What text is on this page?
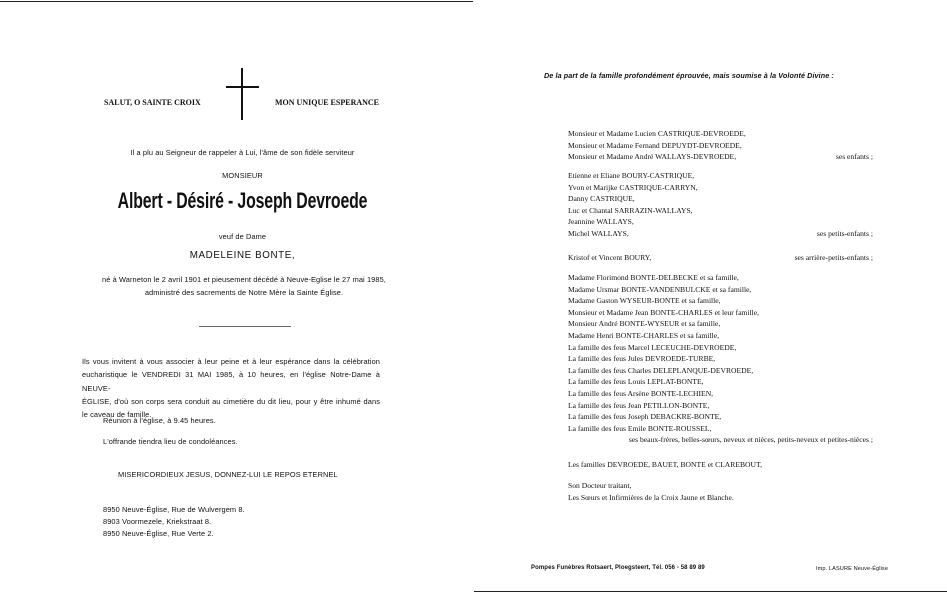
SALUT, O SAINTE CROIX	MON UNIQUE ESPERANCE
Il a plu au Seigneur de rappeler à Lui, l'âme de son fidèle serviteur
MONSIEUR
Albert - Désiré - Joseph Devroede
veuf de Dame
MADELEINE BONTE,
né à Warneton le 2 avril 1901 et pieusement décédé à Neuve-Eglise le 27 mai 1985,
administré des sacrements de Notre Mère la Sainte Église.
Ils vous invitent à vous associer à leur peine et à leur espérance dans la célébration
eucharistique le VENDREDI 31 MAI 1985, à 10 heures, en l'église Notre-Dame à NEUVE-
ÉGLISE, d'où son corps sera conduit au cimetière du dit lieu, pour y être inhumé dans
le caveau de famille.
Réunion à l'église, à 9.45 heures.
L'offrande tiendra lieu de condoléances.
MISERICORDIEUX JESUS, DONNEZ-LUI LE REPOS ETERNEL
8950 Neuve-Église, Rue de Wulvergem 8.
8903 Voormezele, Kriekstraat 8.
8950 Neuve-Église, Rue Verte 2.
De la part de la famille profondément éprouvée, mais soumise à la Volonté Divine :
Monsieur et Madame Lucien CASTRIQUE-DEVROEDE,
Monsieur et Madame Fernand DEPUYDT-DEVROEDE,
Monsieur et Madame André WALLAYS-DEVROEDE,	ses enfants ;
Etienne et Eliane BOURY-CASTRIQUE,
Yvon et Marijke CASTRIQUE-CARRYN,
Danny CASTRIQUE,
Luc et Chantal SARRAZIN-WALLAYS,
Jeannine WALLAYS,
Michel WALLAYS,	ses petits-enfants ;
Kristof et Vincent BOURY,	ses arrière-petits-enfants ;
Madame Florimond BONTE-DELBECKE et sa famille,
Madame Ursmar BONTE-VANDENBULCKE et sa famille,
Madame Gaston WYSEUR-BONTE et sa famille,
Monsieur et Madame Jean BONTE-CHARLES et leur famille,
Monsieur André BONTE-WYSEUR et sa famille,
Madame Henri BONTE-CHARLES et sa famille,
La famille des feus Marcel LECEUCHE-DEVROEDE,
La famille des feus Jules DEVROEDE-TURBE,
La famille des feus Charles DELEPLANQUE-DEVROEDE,
La famille des feus Louis LEPLAT-BONTE,
La famille des feus Arsène BONTE-LECHIEN,
La famille des feus Jean PETILLON-BONTE,
La famille des feus Joseph DEBACKRE-BONTE,
La famille des feus Emile BONTE-ROUSSEL,
ses beaux-frères, belles-sœurs, neveux et nièces, petits-neveux et petites-nièces ;
Les familles DEVROEDE, BAUET, BONTE et CLAREBOUT,
Son Docteur traitant,
Les Sœurs et Infirmières de la Croix Jaune et Blanche.
Pompes Funèbres Rotsaert, Ploegsteert, Tél. 056 - 58 89 89	Imp. LASURE Neuve-Église
